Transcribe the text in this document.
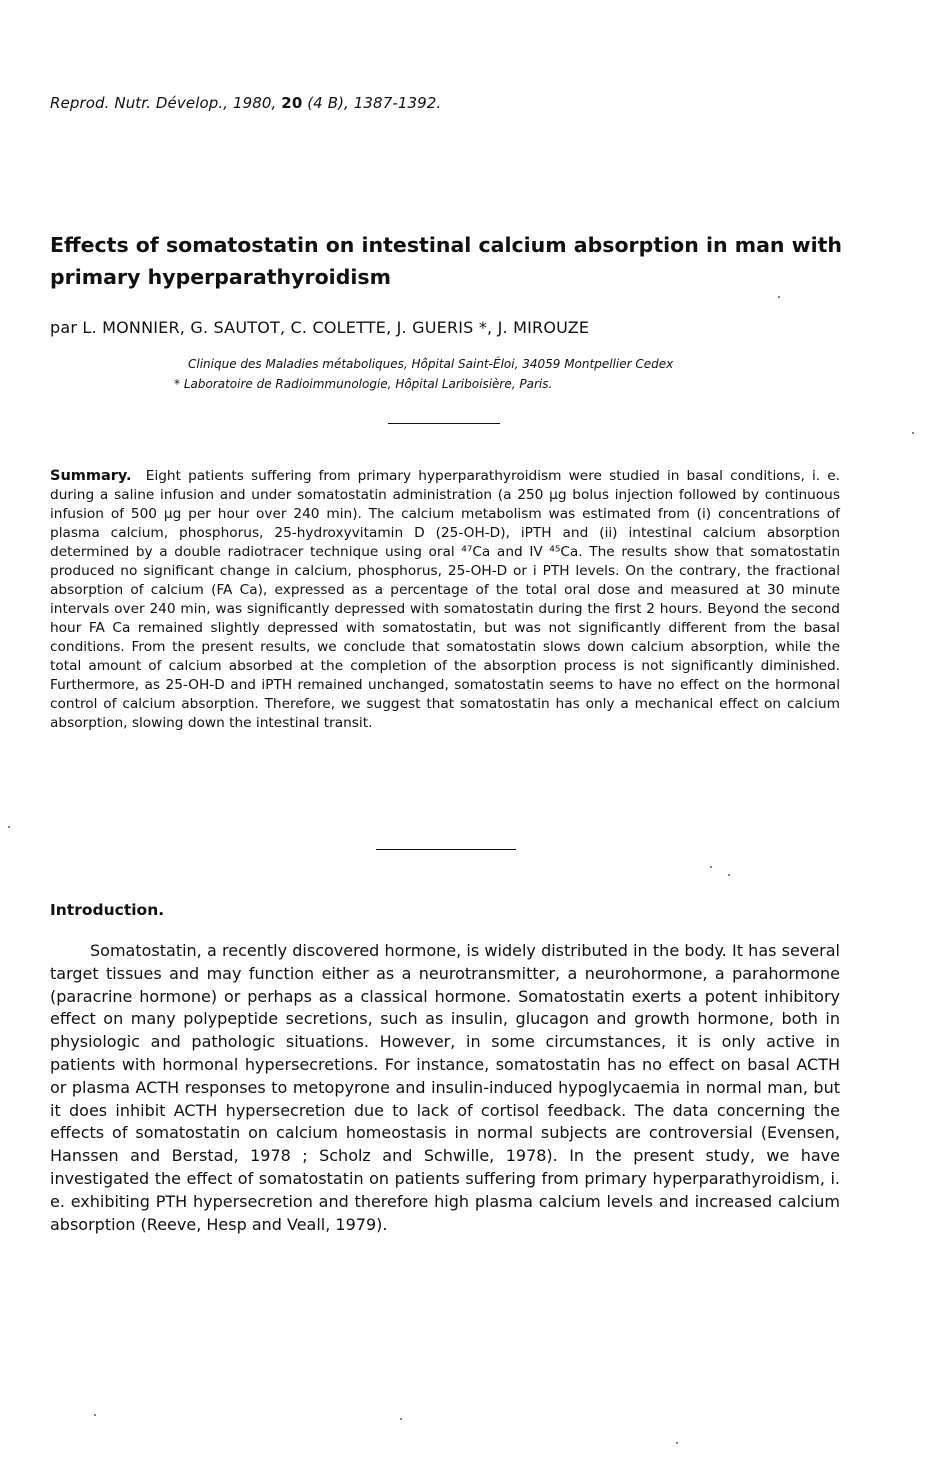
Reprod. Nutr. Dévelop., 1980, 20 (4 B), 1387-1392.
Effects of somatostatin on intestinal calcium absorption in man with primary hyperparathyroidism
par L. MONNIER, G. SAUTOT, C. COLETTE, J. GUERIS *, J. MIROUZE
Clinique des Maladies métaboliques, Hôpital Saint-Éloi, 34059 Montpellier Cedex
* Laboratoire de Radioimmunologie, Hôpital Lariboisière, Paris.

Summary. Eight patients suffering from primary hyperparathyroidism were studied in basal conditions, i. e. during a saline infusion and under somatostatin administration (a 250 µg bolus injection followed by continuous infusion of 500 µg per hour over 240 min). The calcium metabolism was estimated from (i) concentrations of plasma calcium, phosphorus, 25-hydroxyvitamin D (25-OH-D), iPTH and (ii) intestinal calcium absorption determined by a double radiotracer technique using oral ⁴⁷Ca and IV ⁴⁵Ca. The results show that somatostatin produced no significant change in calcium, phosphorus, 25-OH-D or i PTH levels. On the contrary, the fractional absorption of calcium (FA Ca), expressed as a percentage of the total oral dose and measured at 30 minute intervals over 240 min, was significantly depressed with somatostatin during the first 2 hours. Beyond the second hour FA Ca remained slightly depressed with somatostatin, but was not significantly different from the basal conditions. From the present results, we conclude that somatostatin slows down calcium absorption, while the total amount of calcium absorbed at the completion of the absorption process is not significantly diminished. Furthermore, as 25-OH-D and iPTH remained unchanged, somatostatin seems to have no effect on the hormonal control of calcium absorption. Therefore, we suggest that somatostatin has only a mechanical effect on calcium absorption, slowing down the intestinal transit.

Introduction.

Somatostatin, a recently discovered hormone, is widely distributed in the body. It has several target tissues and may function either as a neurotransmitter, a neurohormone, a parahormone (paracrine hormone) or perhaps as a classical hormone. Somatostatin exerts a potent inhibitory effect on many polypeptide secretions, such as insulin, glucagon and growth hormone, both in physiologic and pathologic situations. However, in some circumstances, it is only active in patients with hormonal hypersecretions. For instance, somatostatin has no effect on basal ACTH or plasma ACTH responses to metopyrone and insulin-induced hypoglycaemia in normal man, but it does inhibit ACTH hypersecretion due to lack of cortisol feedback. The data concerning the effects of somatostatin on calcium homeostasis in normal subjects are controversial (Evensen, Hanssen and Berstad, 1978 ; Scholz and Schwille, 1978). In the present study, we have investigated the effect of somatostatin on patients suffering from primary hyperparathyroidism, i. e. exhibiting PTH hypersecretion and therefore high plasma calcium levels and increased calcium absorption (Reeve, Hesp and Veall, 1979).
